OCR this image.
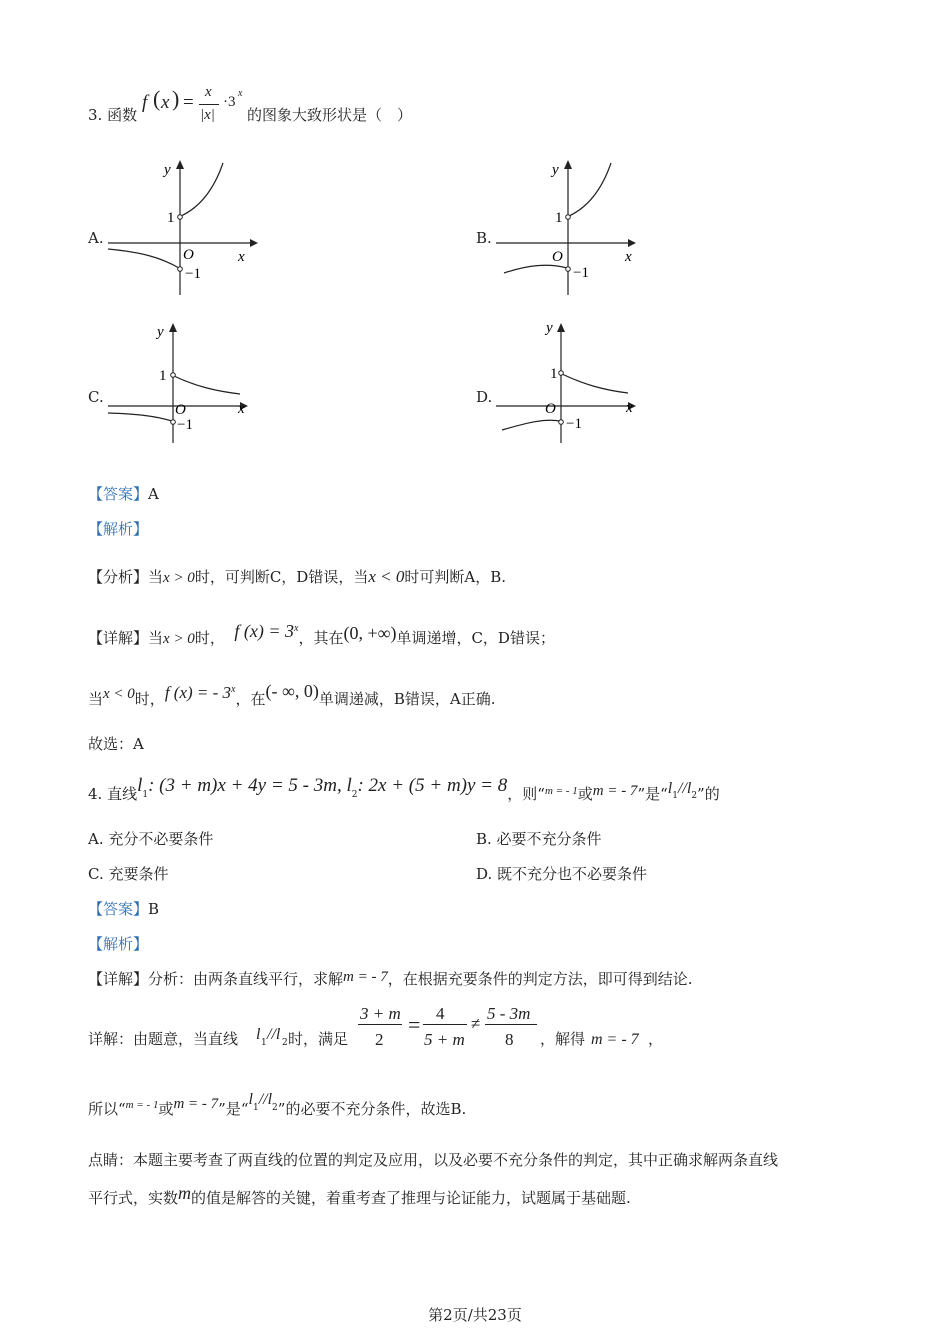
3. 函数
f ( x ) = x
|x|
·3
x
的图象大致形状是（　）
A.	B.
C.	D.
y
x
O
1
−1
y
x
O
1
−1
y
x
O
1
−1
y
x
O
1
−1
【答案】A
【解析】
【分析】当x > 0时，可判断C，D错误，当x < 0时可判断A，B.
【详解】当x > 0时， f $(x) = 3^x$，其在(0, +∞)单调递增，C，D错误；
当x < 0时，f (x) = - 3$^x$，在(- ∞, 0)单调递减，B错误，A正确.
故选：A
4. 直线$l_1$: (3 + m)x + 4y = 5 - 3m, $l_2$: 2x + (5 + m)y = 8，则“$^{m = - 1}$或m = - 7”是“$l_1//l_2$”的
A. 充分不必要条件	B. 必要不充分条件
C. 充要条件	D. 既不充分也不必要条件
【答案】B
【解析】
【详解】分析：由两条直线平行，求解m = - 7，在根据充要条件的判定方法，即可得到结论.
详解：由题意，当直线 l 1 //l 2 时，满足
3 + m
2
= 4
5 + m
≠
5 - 3m
8 ，解得 m = - 7 ，
所以“$^{m = - 1}$或m = - 7”是“$l_1//l_2$”的必要不充分条件，故选B.
点睛：本题主要考查了两直线的位置的判定及应用，以及必要不充分条件的判定，其中正确求解两条直线
平行式，实数m的值是解答的关键，着重考查了推理与论证能力，试题属于基础题.
第2页/共23页
